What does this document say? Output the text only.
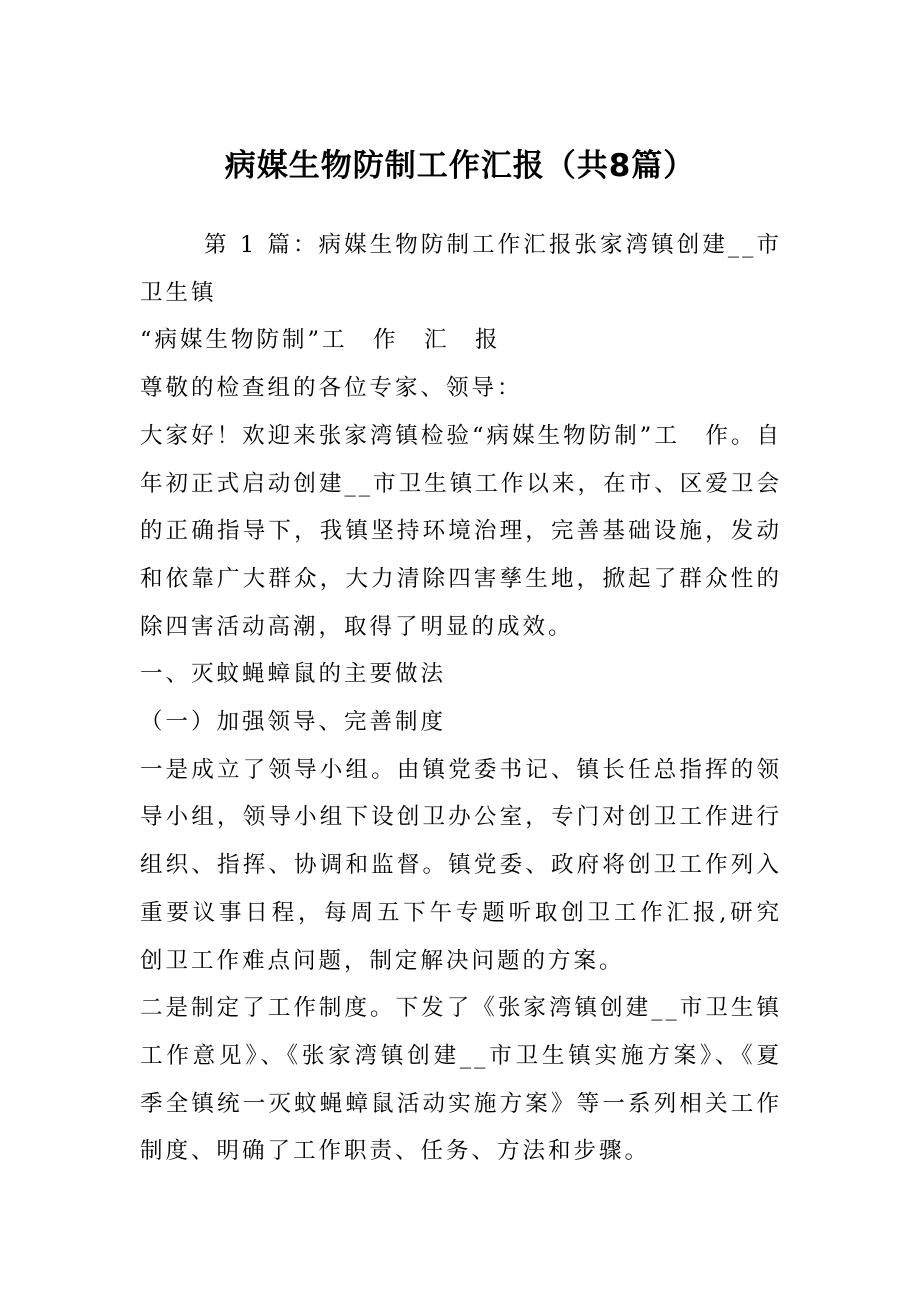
病媒生物防制工作汇报（共8篇）

第 1 篇：病媒生物防制工作汇报张家湾镇创建__市卫生镇

“病媒生物防制”工　作　汇　报

尊敬的检查组的各位专家、领导：

大家好！欢迎来张家湾镇检验“病媒生物防制”工　作。自年初正式启动创建__市卫生镇工作以来，在市、区爱卫会的正确指导下，我镇坚持环境治理，完善基础设施，发动和依靠广大群众，大力清除四害孳生地，掀起了群众性的除四害活动高潮，取得了明显的成效。

一、灭蚊蝇蟑鼠的主要做法

（一）加强领导、完善制度

一是成立了领导小组。由镇党委书记、镇长任总指挥的领导小组，领导小组下设创卫办公室，专门对创卫工作进行组织、指挥、协调和监督。镇党委、政府将创卫工作列入重要议事日程，每周五下午专题听取创卫工作汇报,研究创卫工作难点问题，制定解决问题的方案。

二是制定了工作制度。下发了《张家湾镇创建__市卫生镇工作意见》、《张家湾镇创建__市卫生镇实施方案》、《夏季全镇统一灭蚊蝇蟑鼠活动实施方案》等一系列相关工作制度、明确了工作职责、任务、方法和步骤。
